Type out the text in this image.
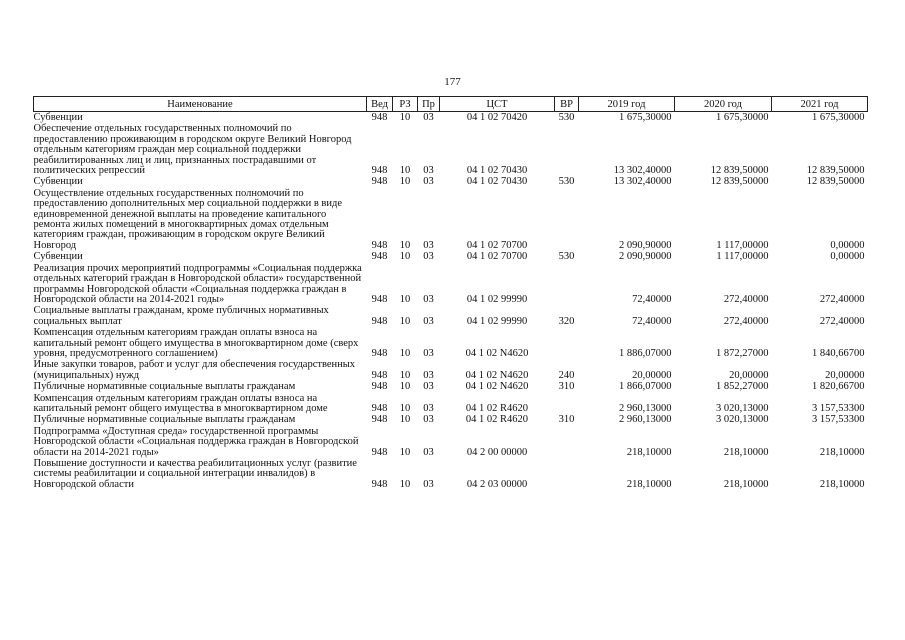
177
Наименование	Вед	РЗ	Пр	ЦСТ	ВР	2019 год	2020 год	2021 год
Субвенции	948	10	03	04 1 02 70420	530	1 675,30000	1 675,30000	1 675,30000
Обеспечение отдельных государственных полномочий по предоставлению проживающим в городском округе Великий Новгород отдельным категориям граждан мер социальной поддержки реабилитированных лиц и лиц, признанных пострадавшими от политических репрессий	948	10	03	04 1 02 70430		13 302,40000	12 839,50000	12 839,50000
Субвенции	948	10	03	04 1 02 70430	530	13 302,40000	12 839,50000	12 839,50000
Осуществление отдельных государственных полномочий по предоставлению дополнительных мер социальной поддержки в виде единовременной денежной выплаты на проведение капитального ремонта жилых помещений в многоквартирных домах отдельным категориям граждан, проживающим в городском округе Великий Новгород	948	10	03	04 1 02 70700		2 090,90000	1 117,00000	0,00000
Субвенции	948	10	03	04 1 02 70700	530	2 090,90000	1 117,00000	0,00000
Реализация прочих мероприятий подпрограммы «Социальная поддержка отдельных категорий граждан в Новгородской области» государственной программы Новгородской области «Социальная поддержка граждан в Новгородской области на 2014-2021 годы»	948	10	03	04 1 02 99990		72,40000	272,40000	272,40000
Социальные выплаты гражданам, кроме публичных нормативных социальных выплат	948	10	03	04 1 02 99990	320	72,40000	272,40000	272,40000
Компенсация отдельным категориям граждан оплаты взноса на капитальный ремонт общего имущества в многоквартирном доме (сверх уровня, предусмотренного соглашением)	948	10	03	04 1 02 N4620		1 886,07000	1 872,27000	1 840,66700
Иные закупки товаров, работ и услуг для обеспечения государственных (муниципальных) нужд	948	10	03	04 1 02 N4620	240	20,00000	20,00000	20,00000
Публичные нормативные социальные выплаты гражданам	948	10	03	04 1 02 N4620	310	1 866,07000	1 852,27000	1 820,66700
Компенсация отдельным категориям граждан оплаты взноса на капитальный ремонт общего имущества в многоквартирном доме	948	10	03	04 1 02 R4620		2 960,13000	3 020,13000	3 157,53300
Публичные нормативные социальные выплаты гражданам	948	10	03	04 1 02 R4620	310	2 960,13000	3 020,13000	3 157,53300
Подпрограмма «Доступная среда» государственной программы Новгородской области «Социальная поддержка граждан в Новгородской области на 2014-2021 годы»	948	10	03	04 2 00 00000		218,10000	218,10000	218,10000
Повышение доступности и качества реабилитационных услуг (развитие системы реабилитации и социальной интеграции инвалидов) в Новгородской области	948	10	03	04 2 03 00000		218,10000	218,10000	218,10000
